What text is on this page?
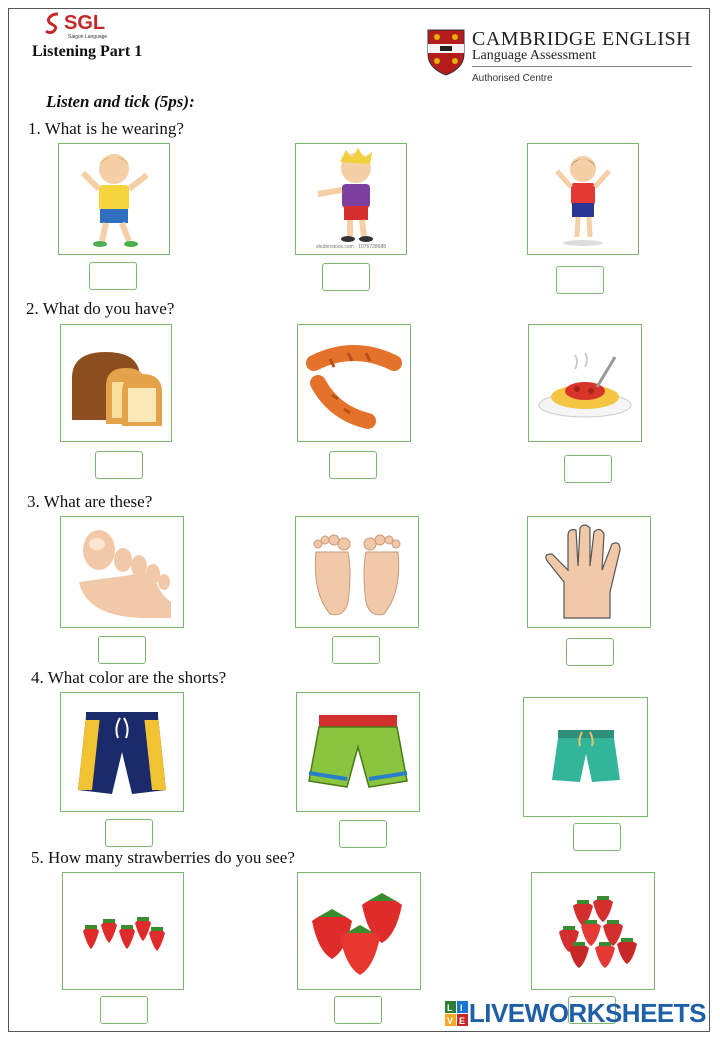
SGL
Saigon Language
Listening Part 1
CAMBRIDGE ENGLISH
Language Assessment
Authorised Centre
Listen and tick (5ps):
1. What is he wearing?
shutterstock.com · 1076728688
2. What do you have?
3. What are these?
4. What color are the shorts?
5. How many strawberries do you see?
L I
V E LIVEWORKSHEETS
